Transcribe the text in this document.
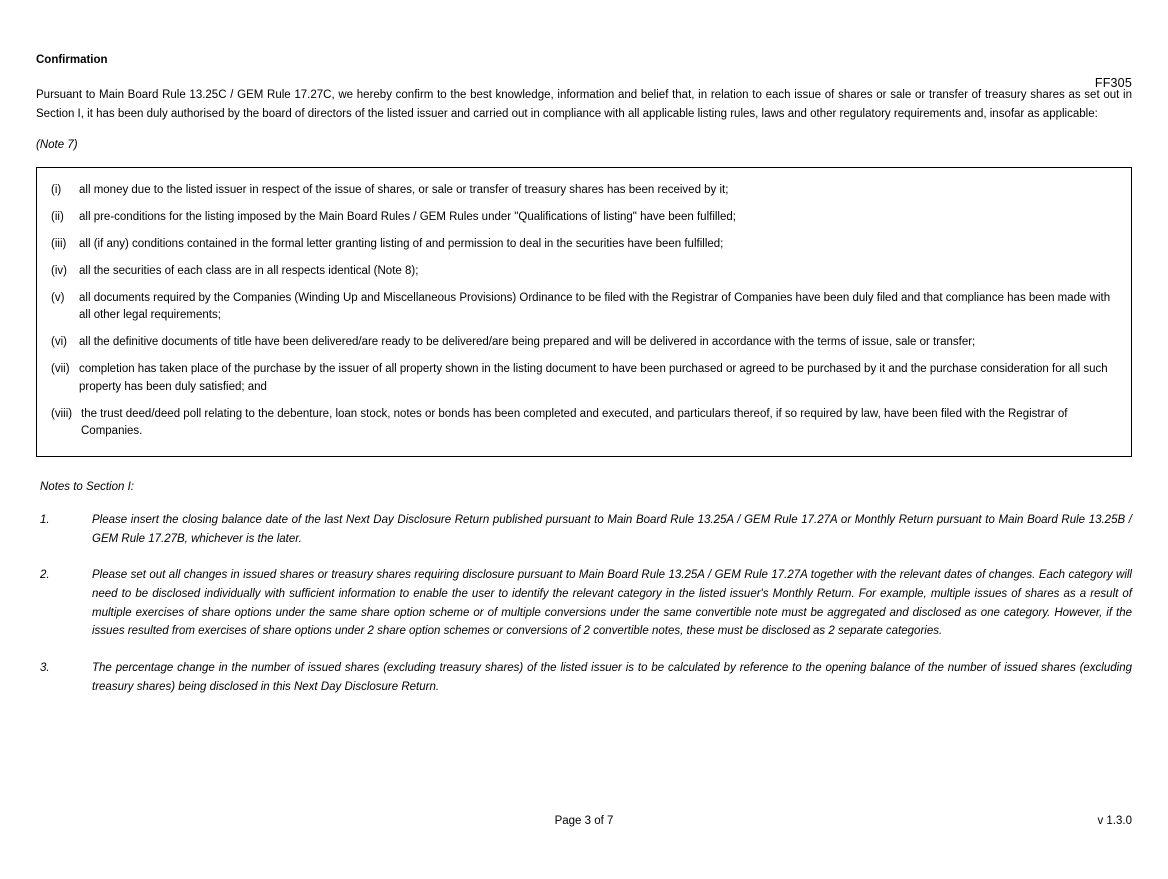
FF305
Confirmation
Pursuant to Main Board Rule 13.25C / GEM Rule 17.27C, we hereby confirm to the best knowledge, information and belief that, in relation to each issue of shares or sale or transfer of treasury shares as set out in Section I, it has been duly authorised by the board of directors of the listed issuer and carried out in compliance with all applicable listing rules, laws and other regulatory requirements and, insofar as applicable:
(Note 7)
(i)	all money due to the listed issuer in respect of the issue of shares, or sale or transfer of treasury shares has been received by it;
(ii)	all pre-conditions for the listing imposed by the Main Board Rules / GEM Rules under "Qualifications of listing" have been fulfilled;
(iii)	all (if any) conditions contained in the formal letter granting listing of and permission to deal in the securities have been fulfilled;
(iv)	all the securities of each class are in all respects identical (Note 8);
(v)	all documents required by the Companies (Winding Up and Miscellaneous Provisions) Ordinance to be filed with the Registrar of Companies have been duly filed and that compliance has been made with all other legal requirements;
(vi)	all the definitive documents of title have been delivered/are ready to be delivered/are being prepared and will be delivered in accordance with the terms of issue, sale or transfer;
(vii) completion has taken place of the purchase by the issuer of all property shown in the listing document to have been purchased or agreed to be purchased by it and the purchase consideration for all such property has been duly satisfied; and
(viii) the trust deed/deed poll relating to the debenture, loan stock, notes or bonds has been completed and executed, and particulars thereof, if so required by law, have been filed with the Registrar of Companies.
Notes to Section I:
1.	Please insert the closing balance date of the last Next Day Disclosure Return published pursuant to Main Board Rule 13.25A / GEM Rule 17.27A or Monthly Return pursuant to Main Board Rule 13.25B / GEM Rule 17.27B, whichever is the later.
2.	Please set out all changes in issued shares or treasury shares requiring disclosure pursuant to Main Board Rule 13.25A / GEM Rule 17.27A together with the relevant dates of changes. Each category will need to be disclosed individually with sufficient information to enable the user to identify the relevant category in the listed issuer's Monthly Return. For example, multiple issues of shares as a result of multiple exercises of share options under the same share option scheme or of multiple conversions under the same convertible note must be aggregated and disclosed as one category. However, if the issues resulted from exercises of share options under 2 share option schemes or conversions of 2 convertible notes, these must be disclosed as 2 separate categories.
3.	The percentage change in the number of issued shares (excluding treasury shares) of the listed issuer is to be calculated by reference to the opening balance of the number of issued shares (excluding treasury shares) being disclosed in this Next Day Disclosure Return.
Page 3 of 7	v 1.3.0
